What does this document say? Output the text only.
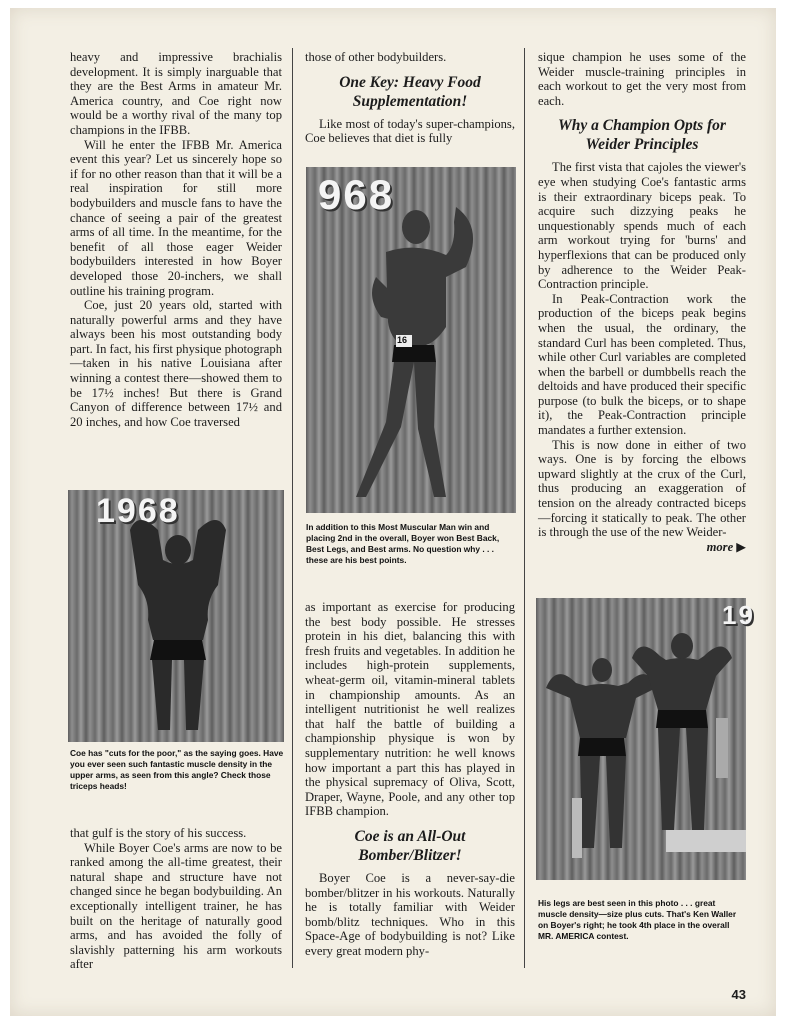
heavy and impressive brachialis development. It is simply inarguable that they are the Best Arms in amateur Mr. America country, and Coe right now would be a worthy rival of the many top champions in the IFBB.

Will he enter the IFBB Mr. America event this year? Let us sincerely hope so if for no other reason than that it will be a real inspiration for still more bodybuilders and muscle fans to have the chance of seeing a pair of the greatest arms of all time. In the meantime, for the benefit of all those eager Weider bodybuilders interested in how Boyer developed those 20-inchers, we shall outline his training program.

Coe, just 20 years old, started with naturally powerful arms and they have always been his most outstanding body part. In fact, his first physique photograph—taken in his native Louisiana after winning a contest there—showed them to be 17½ inches! But there is Grand Canyon of difference between 17½ and 20 inches, and how Coe traversed

1968
Coe has "cuts for the poor," as the saying goes. Have you ever seen such fantastic muscle density in the upper arms, as seen from this angle? Check those triceps heads!

that gulf is the story of his success.

While Boyer Coe's arms are now to be ranked among the all-time greatest, their natural shape and structure have not changed since he began bodybuilding. An exceptionally intelligent trainer, he has built on the heritage of naturally good arms, and has avoided the folly of slavishly patterning his arm workouts after

those of other bodybuilders.

One Key: Heavy Food Supplementation!

Like most of today's super-champions, Coe believes that diet is fully

968
16
In addition to this Most Muscular Man win and placing 2nd in the overall, Boyer won Best Back, Best Legs, and Best arms. No question why . . . these are his best points.

as important as exercise for producing the best body possible. He stresses protein in his diet, balancing this with fresh fruits and vegetables. In addition he includes high-protein supplements, wheat-germ oil, vitamin-mineral tablets in championship amounts. As an intelligent nutritionist he well realizes that half the battle of building a championship physique is won by supplementary nutrition: he well knows how important a part this has played in the physical supremacy of Oliva, Scott, Draper, Wayne, Poole, and any other top IFBB champion.

Coe is an All-Out Bomber/Blitzer!

Boyer Coe is a never-say-die bomber/blitzer in his workouts. Naturally he is totally familiar with Weider bomb/blitz techniques. Who in this Space-Age of bodybuilding is not? Like every great modern phy-

sique champion he uses some of the Weider muscle-training principles in each workout to get the very most from each.

Why a Champion Opts for Weider Principles

The first vista that cajoles the viewer's eye when studying Coe's fantastic arms is their extraordinary biceps peak. To acquire such dizzying peaks he unquestionably spends much of each arm workout trying for 'burns' and hyperflexions that can be produced only by adherence to the Weider Peak-Contraction principle.

In Peak-Contraction work the production of the biceps peak begins when the usual, the ordinary, the standard Curl has been completed. Thus, while other Curl variables are completed when the barbell or dumbbells reach the deltoids and have produced their specific purpose (to bulk the biceps, or to shape it), the Peak-Contraction principle mandates a further extension.

This is now done in either of two ways. One is by forcing the elbows upward slightly at the crux of the Curl, thus producing an exaggeration of tension on the already contracted biceps—forcing it statically to peak. The other is through the use of the new Weider-

more ▶
19
His legs are best seen in this photo . . . great muscle density—size plus cuts. That's Ken Waller on Boyer's right; he took 4th place in the overall MR. AMERICA contest.
43
